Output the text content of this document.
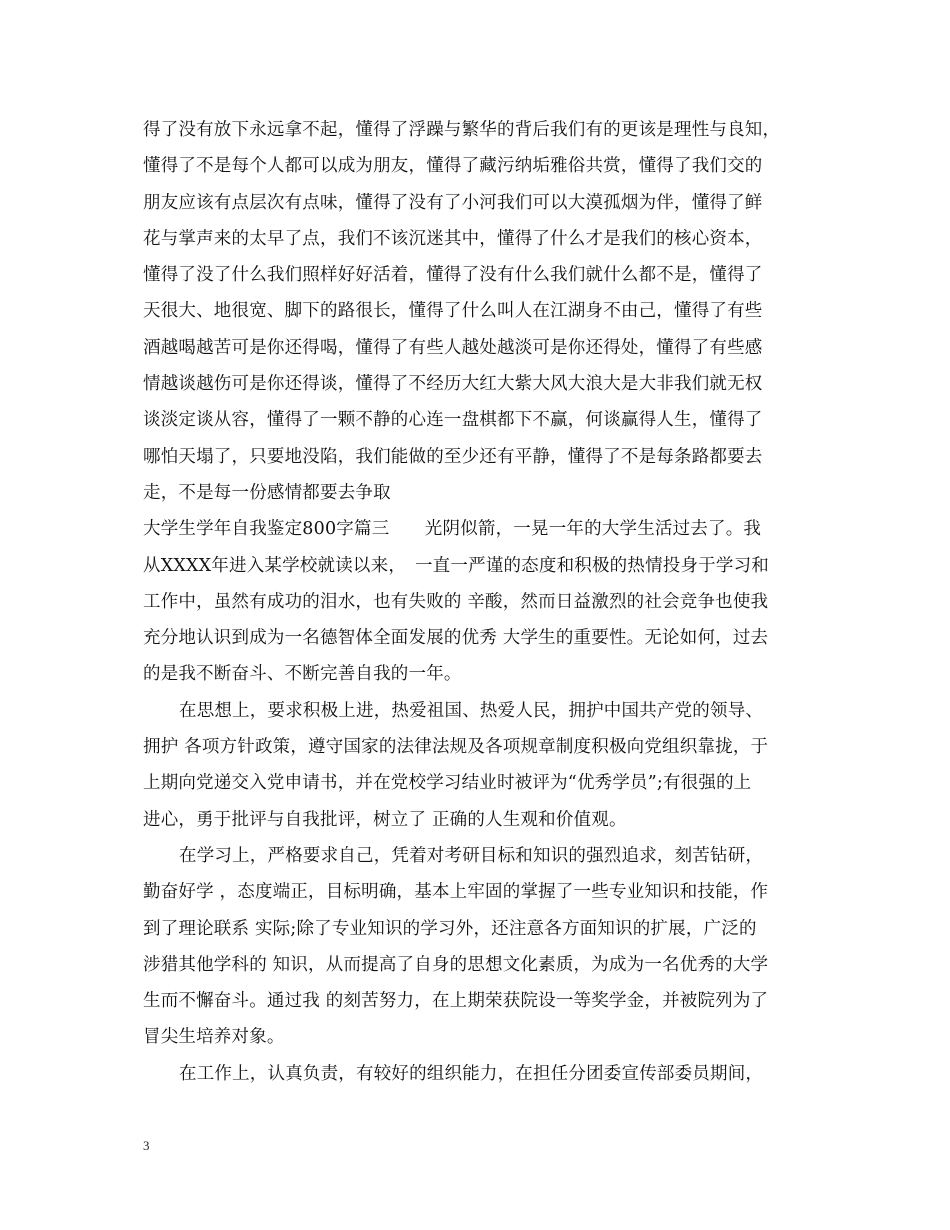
得了没有放下永远拿不起，懂得了浮躁与繁华的背后我们有的更该是理性与良知，
懂得了不是每个人都可以成为朋友，懂得了藏污纳垢雅俗共赏，懂得了我们交的
朋友应该有点层次有点味，懂得了没有了小河我们可以大漠孤烟为伴，懂得了鲜
花与掌声来的太早了点，我们不该沉迷其中，懂得了什么才是我们的核心资本，
懂得了没了什么我们照样好好活着，懂得了没有什么我们就什么都不是，懂得了
天很大、地很宽、脚下的路很长，懂得了什么叫人在江湖身不由己，懂得了有些
酒越喝越苦可是你还得喝，懂得了有些人越处越淡可是你还得处，懂得了有些感
情越谈越伤可是你还得谈，懂得了不经历大红大紫大风大浪大是大非我们就无权
谈淡定谈从容，懂得了一颗不静的心连一盘棋都下不赢，何谈赢得人生，懂得了
哪怕天塌了，只要地没陷，我们能做的至少还有平静，懂得了不是每条路都要去
走，不是每一份感情都要去争取
大学生学年自我鉴定800字篇三　　光阴似箭，一晃一年的大学生活过去了。我
从XXXX年进入某学校就读以来，　一直一严谨的态度和积极的热情投身于学习和
工作中，虽然有成功的泪水，也有失败的 辛酸，然而日益激烈的社会竞争也使我
充分地认识到成为一名德智体全面发展的优秀 大学生的重要性。无论如何，过去
的是我不断奋斗、不断完善自我的一年。
在思想上，要求积极上进，热爱祖国、热爱人民，拥护中国共产党的领导、
拥护 各项方针政策，遵守国家的法律法规及各项规章制度积极向党组织靠拢，于
上期向党递交入党申请书，并在党校学习结业时被评为“优秀学员”;有很强的上
进心，勇于批评与自我批评，树立了 正确的人生观和价值观。
在学习上，严格要求自己，凭着对考研目标和知识的强烈追求，刻苦钻研，
勤奋好学 ，态度端正，目标明确，基本上牢固的掌握了一些专业知识和技能，作
到了理论联系 实际;除了专业知识的学习外，还注意各方面知识的扩展，广泛的
涉猎其他学科的 知识，从而提高了自身的思想文化素质，为成为一名优秀的大学
生而不懈奋斗。通过我 的刻苦努力，在上期荣获院设一等奖学金，并被院列为了
冒尖生培养对象。
在工作上，认真负责，有较好的组织能力，在担任分团委宣传部委员期间，
3
